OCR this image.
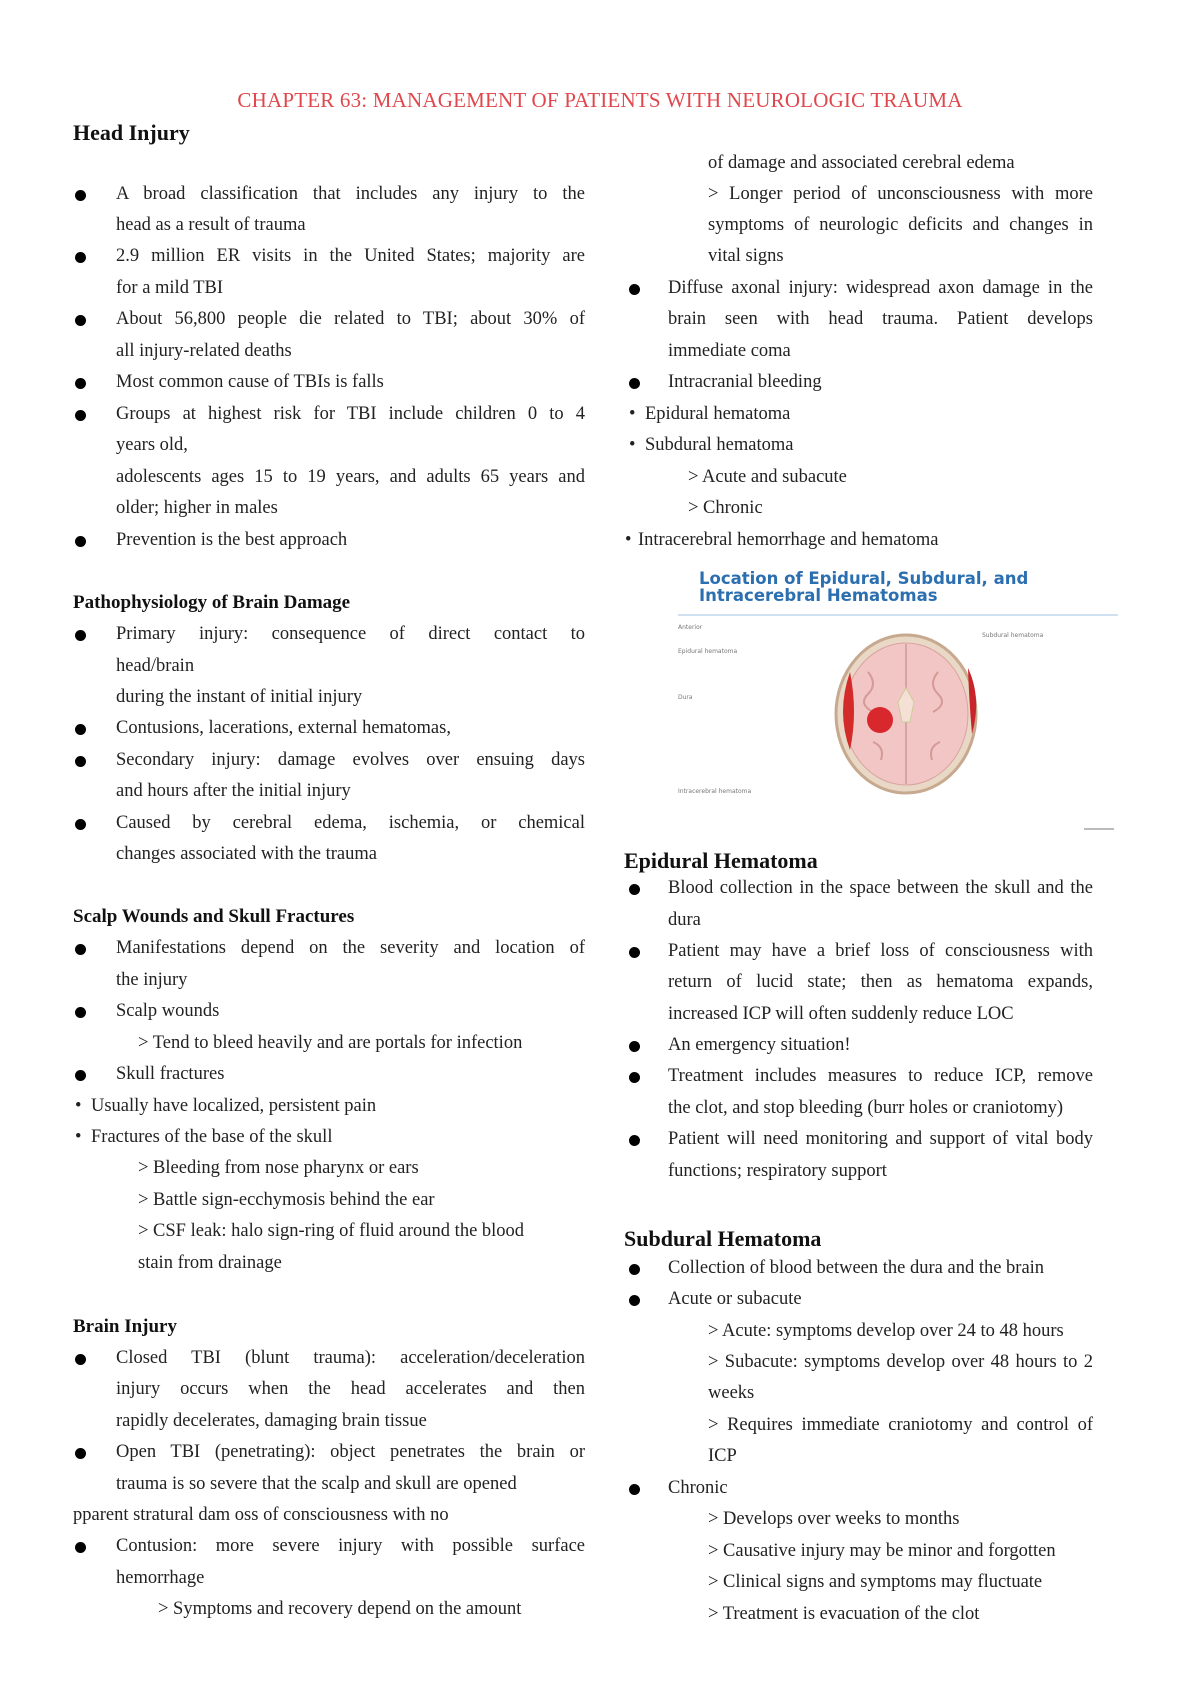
CHAPTER 63: MANAGEMENT OF PATIENTS WITH NEUROLOGIC TRAUMA
Head Injury
A broad classification that includes any injury to the
head as a result of trauma
2.9 million ER visits in the United States; majority are
for a mild TBI
About 56,800 people die related to TBI; about 30% of
all injury-related deaths
Most common cause of TBIs is falls
Groups at highest risk for TBI include children 0 to 4
years old,
adolescents ages 15 to 19 years, and adults 65 years and
older; higher in males
Prevention is the best approach
Pathophysiology of Brain Damage
Primary injury: consequence of direct contact to
head/brain
during the instant of initial injury
Contusions, lacerations, external hematomas,
Secondary injury: damage evolves over ensuing days
and hours after the initial injury
Caused by cerebral edema, ischemia, or chemical
changes associated with the trauma
Scalp Wounds and Skull Fractures
Manifestations depend on the severity and location of
the injury
Scalp wounds
> Tend to bleed heavily and are portals for infection
Skull fractures
• Usually have localized, persistent pain
• Fractures of the base of the skull
> Bleeding from nose pharynx or ears
> Battle sign-ecchymosis behind the ear
> CSF leak: halo sign-ring of fluid around the blood
stain from drainage
Brain Injury
Closed TBI (blunt trauma): acceleration/deceleration
injury occurs when the head accelerates and then
rapidly decelerates, damaging brain tissue
Open TBI (penetrating): object penetrates the brain or
trauma is so severe that the scalp and skull are opened
pparent stratural dam oss of consciousness with no
Contusion: more severe injury with possible surface
hemorrhage
> Symptoms and recovery depend on the amount
of damage and associated cerebral edema
> Longer period of unconsciousness with more
symptoms of neurologic deficits and changes in
vital signs
Diffuse axonal injury: widespread axon damage in the
brain seen with head trauma. Patient develops
immediate coma
Intracranial bleeding
• Epidural hematoma
• Subdural hematoma
> Acute and subacute
> Chronic
• Intracerebral hemorrhage and hematoma
Epidural Hematoma
Blood collection in the space between the skull and the
dura
Patient may have a brief loss of consciousness with
return of lucid state; then as hematoma expands,
increased ICP will often suddenly reduce LOC
An emergency situation!
Treatment includes measures to reduce ICP, remove
the clot, and stop bleeding (burr holes or craniotomy)
Patient will need monitoring and support of vital body
functions; respiratory support
Subdural Hematoma
Collection of blood between the dura and the brain
Acute or subacute
> Acute: symptoms develop over 24 to 48 hours
> Subacute: symptoms develop over 48 hours to 2
weeks
> Requires immediate craniotomy and control of
ICP
Chronic
> Develops over weeks to months
> Causative injury may be minor and forgotten
> Clinical signs and symptoms may fluctuate
> Treatment is evacuation of the clot
Location of Epidural, Subdural, and
Intracerebral Hematomas
Anterior
Epidural hematoma
Dura
Subdural hematoma
Intracerebral hematoma
